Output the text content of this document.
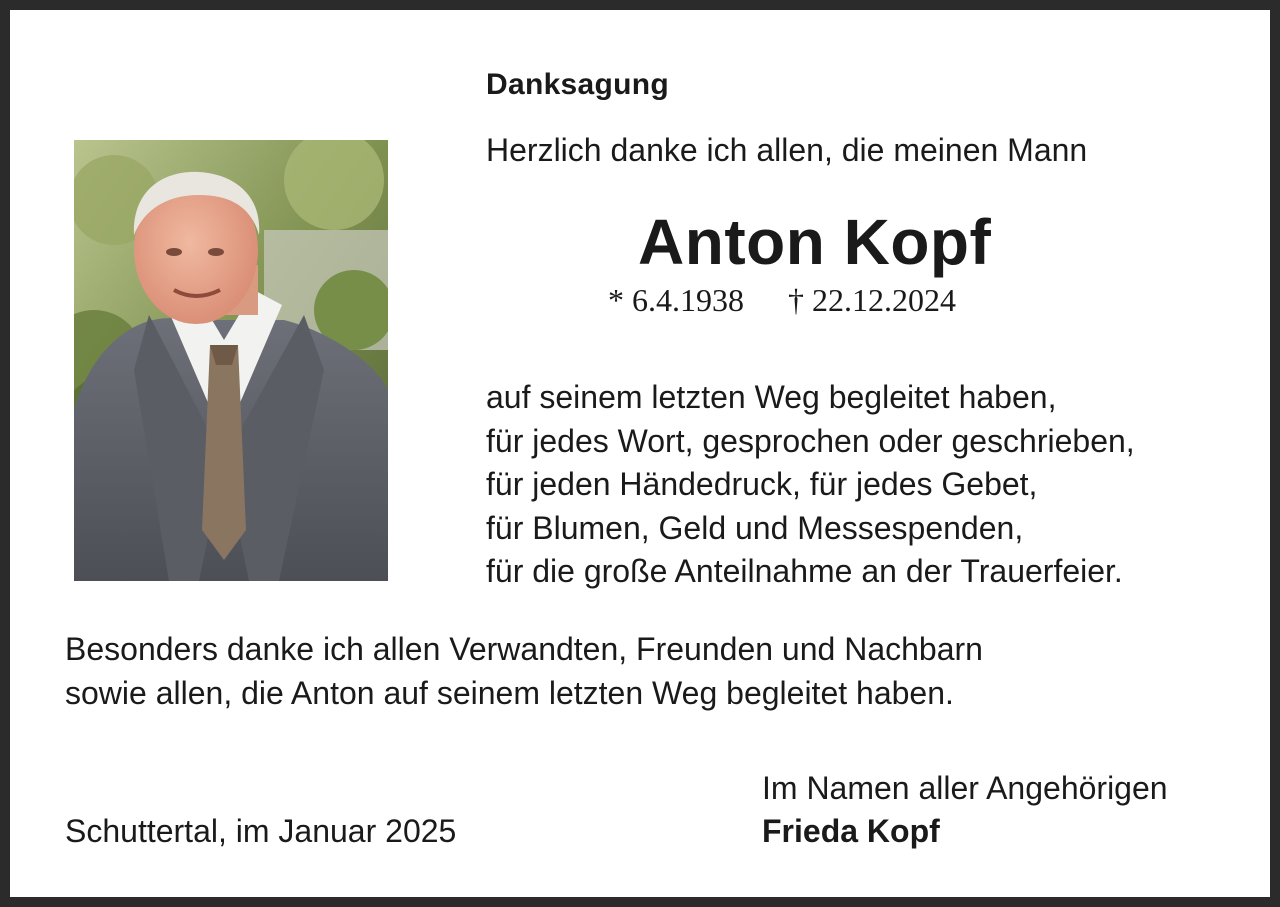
Danksagung
Herzlich danke ich allen, die meinen Mann
Anton Kopf
* 6.4.1938 † 22.12.2024
auf seinem letzten Weg begleitet haben,
für jedes Wort, gesprochen oder geschrieben,
für jeden Händedruck, für jedes Gebet,
für Blumen, Geld und Messespenden,
für die große Anteilnahme an der Trauerfeier.
Besonders danke ich allen Verwandten, Freunden und Nachbarn
sowie allen, die Anton auf seinem letzten Weg begleitet haben.
Im Namen aller Angehörigen
Frieda Kopf
Schuttertal, im Januar 2025
